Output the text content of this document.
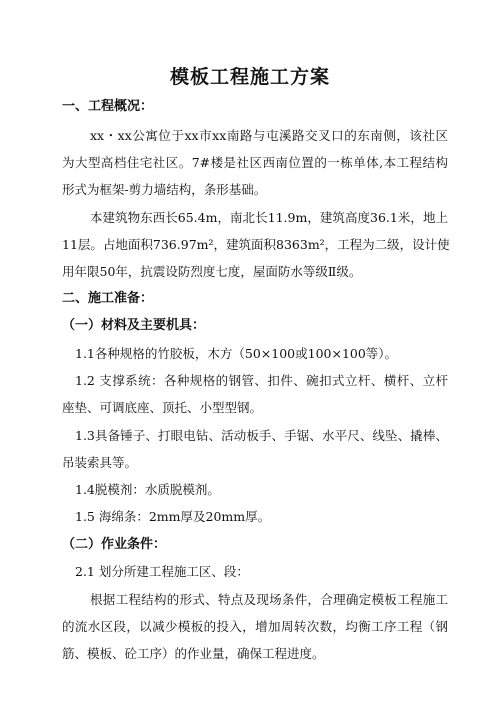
模板工程施工方案
一、工程概况：
xx・xx公寓位于xx市xx南路与屯溪路交叉口的东南侧，该社区
为大型高档住宅社区。7#楼是社区西南位置的一栋单体,本工程结构
形式为框架-剪力墙结构，条形基础。
本建筑物东西长65.4m，南北长11.9m，建筑高度36.1米，地上
11层。占地面积736.97m²，建筑面积8363m²，工程为二级，设计使
用年限50年，抗震设防烈度七度，屋面防水等级Ⅱ级。
二、施工准备：
（一）材料及主要机具：
1.1各种规格的竹胶板，木方（50×100或100×100等）。
1.2 支撑系统：各种规格的钢管、扣件、碗扣式立杆、横杆、立杆
座垫、可调底座、顶托、小型型钢。
1.3具备锤子、打眼电钻、活动板手、手锯、水平尺、线坠、撬棒、
吊装索具等。
1.4脱模剂：水质脱模剂。
1.5 海绵条：2mm厚及20mm厚。
（二）作业条件：
2.1 划分所建工程施工区、段：
根据工程结构的形式、特点及现场条件，合理确定模板工程施工
的流水区段，以减少模板的投入，增加周转次数，均衡工序工程（钢
筋、模板、砼工序）的作业量，确保工程进度。
